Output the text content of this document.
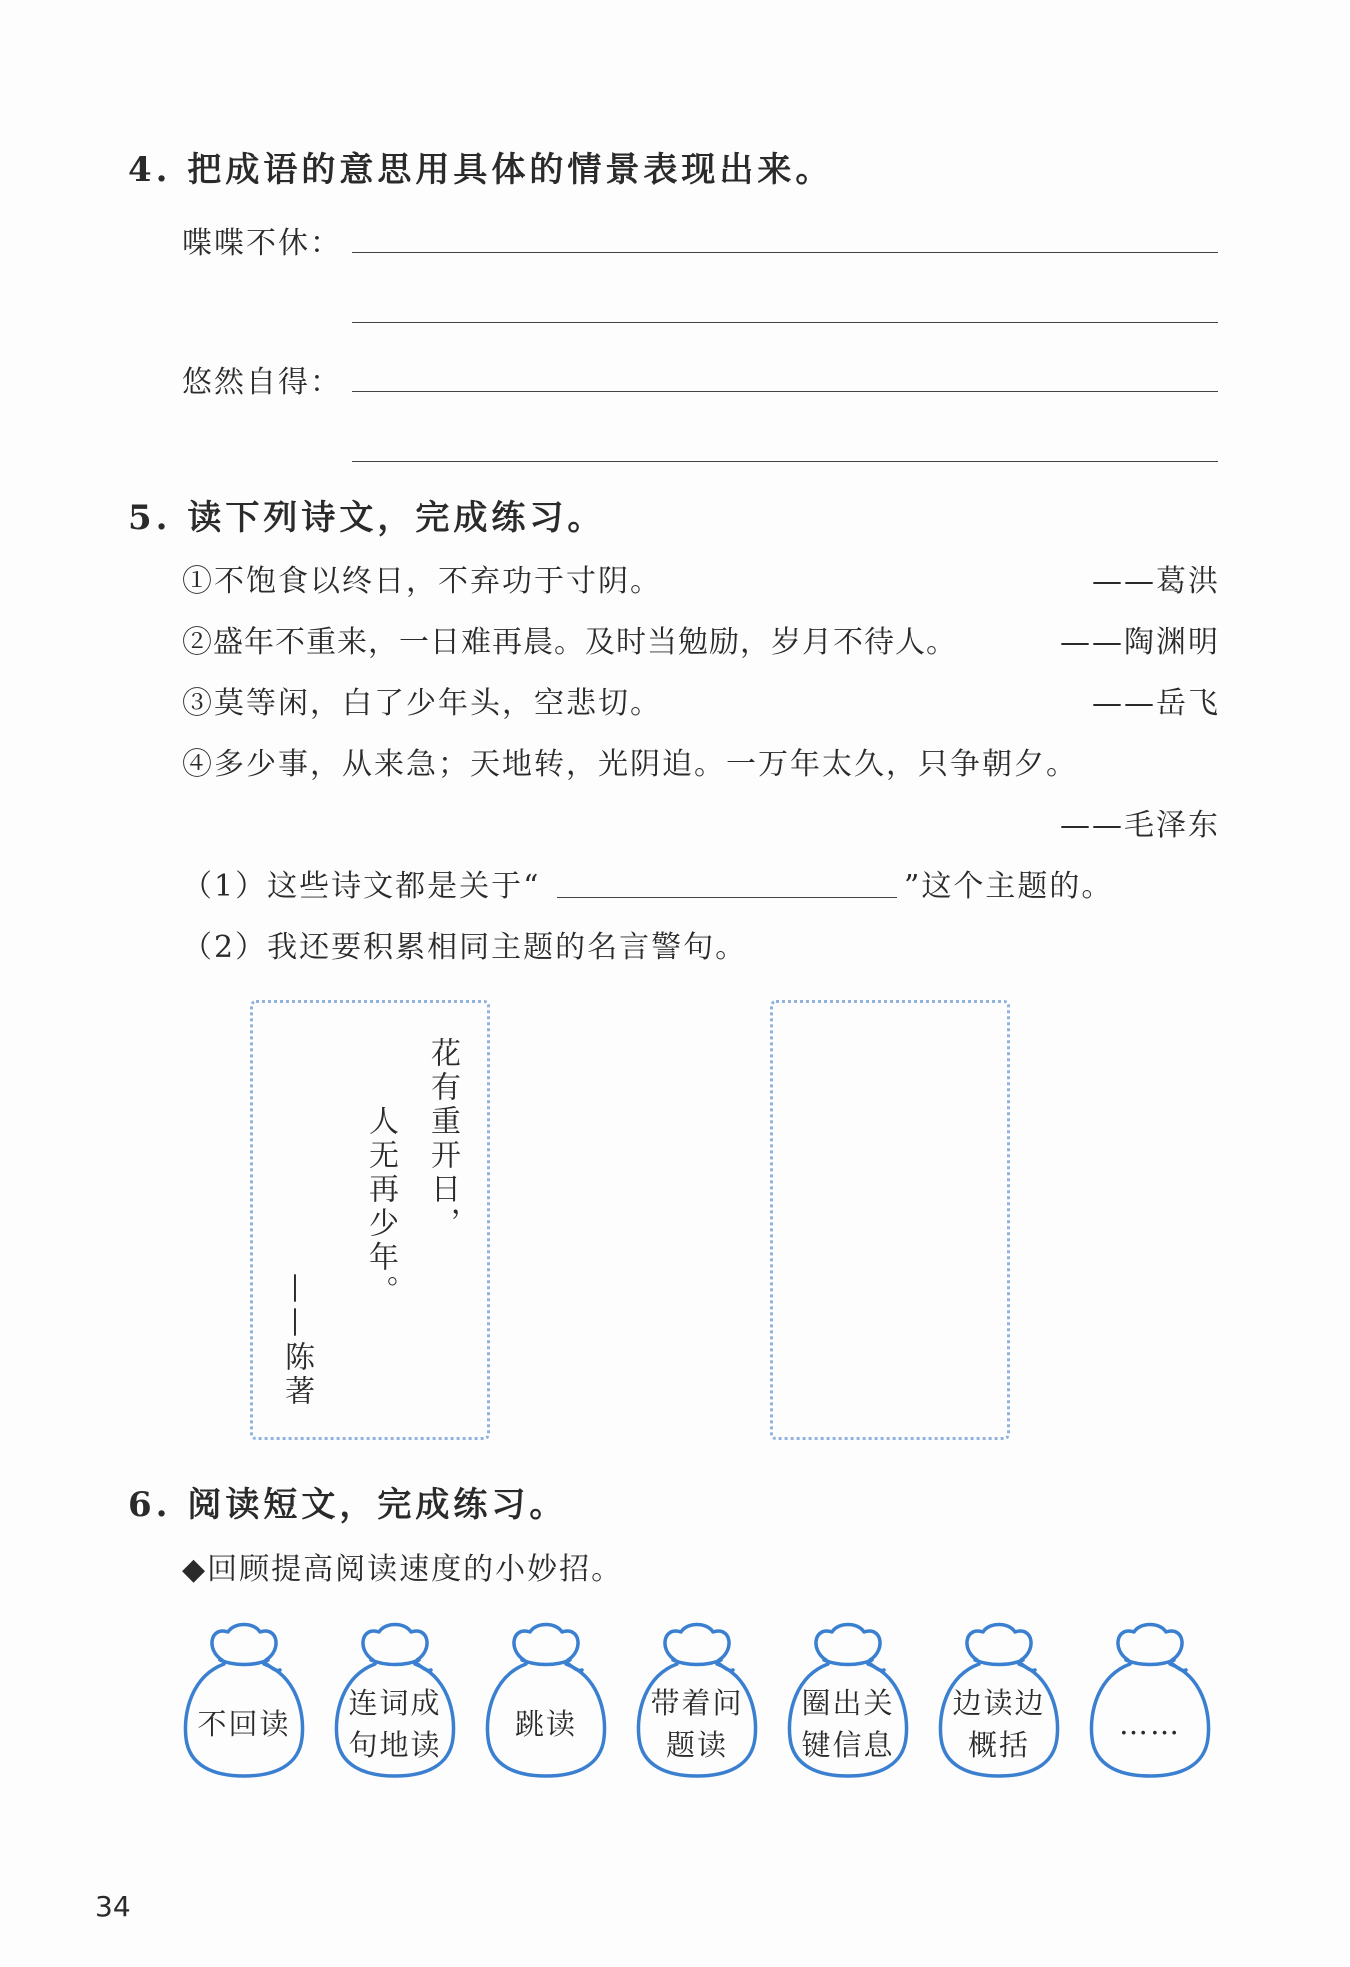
4. 把成语的意思用具体的情景表现出来。
喋喋不休：
悠然自得：
5. 读下列诗文，完成练习。
①不饱食以终日，不弃功于寸阴。	——葛洪
②盛年不重来，一日难再晨。及时当勉励，岁月不待人。	——陶渊明
③莫等闲，白了少年头，空悲切。	——岳飞
④多少事，从来急；天地转，光阴迫。一万年太久，只争朝夕。
——毛泽东
（1）这些诗文都是关于“	”这个主题的。
（2）我还要积累相同主题的名言警句。
花有重开日，
人无再少年。
——陈著
6. 阅读短文，完成练习。
◆回顾提高阅读速度的小妙招。
不回读
连词成句地读
跳读
带着问题读
圈出关键信息
边读边概括
……
34
